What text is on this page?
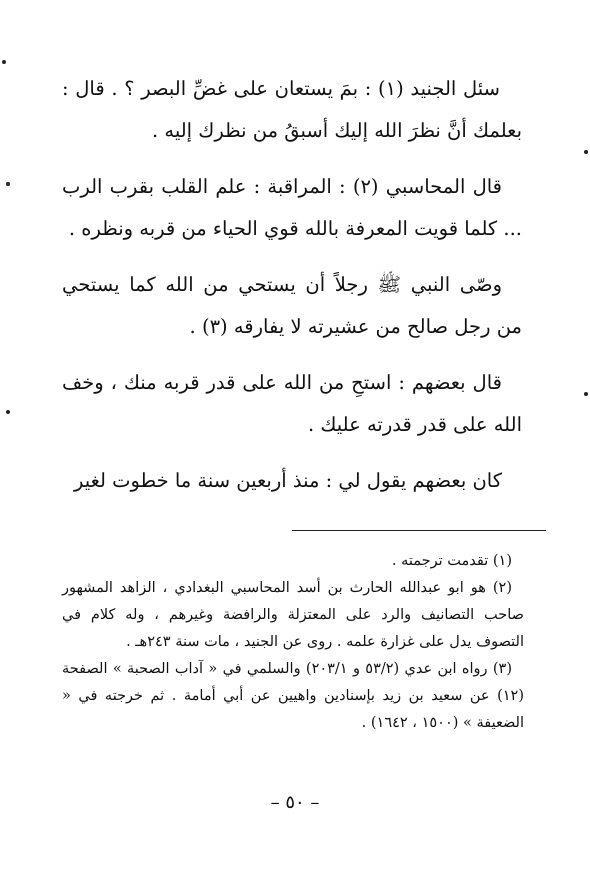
سئل الجنيد (١) : بمَ يستعان على غضِّ البصر ؟ . قال : بعلمك أنَّ نظرَ الله إليك أسبقُ من نظرك إليه .

قال المحاسبي (٢) : المراقبة : علم القلب بقرب الرب ... كلما قويت المعرفة بالله قوي الحياء من قربه ونظره .

وصّى النبي ﷺ رجلاً أن يستحي من الله كما يستحي من رجل صالح من عشيرته لا يفارقه (٣) .

قال بعضهم : استحِ من الله على قدر قربه منك ، وخف الله على قدر قدرته عليك .

كان بعضهم يقول لي : منذ أربعين سنة ما خطوت لغير

(١) تقدمت ترجمته .

(٢) هو ابو عبدالله الحارث بن أسد المحاسبي البغدادي ، الزاهد المشهور صاحب التصانيف والرد على المعتزلة والرافضة وغيرهم ، وله كلام في التصوف يدل على غزارة علمه . روى عن الجنيد ، مات سنة ٢٤٣هـ .

(٣) رواه ابن عدي (٥٣/٢ و ٢٠٣/١) والسلمي في « آداب الصحبة » الصفحة (١٢) عن سعيد بن زيد بإسنادين واهيين عن أبي أمامة . ثم خرجته في « الضعيفة » (١٥٠٠ ، ١٦٤٢) .

– ٥٠ –
